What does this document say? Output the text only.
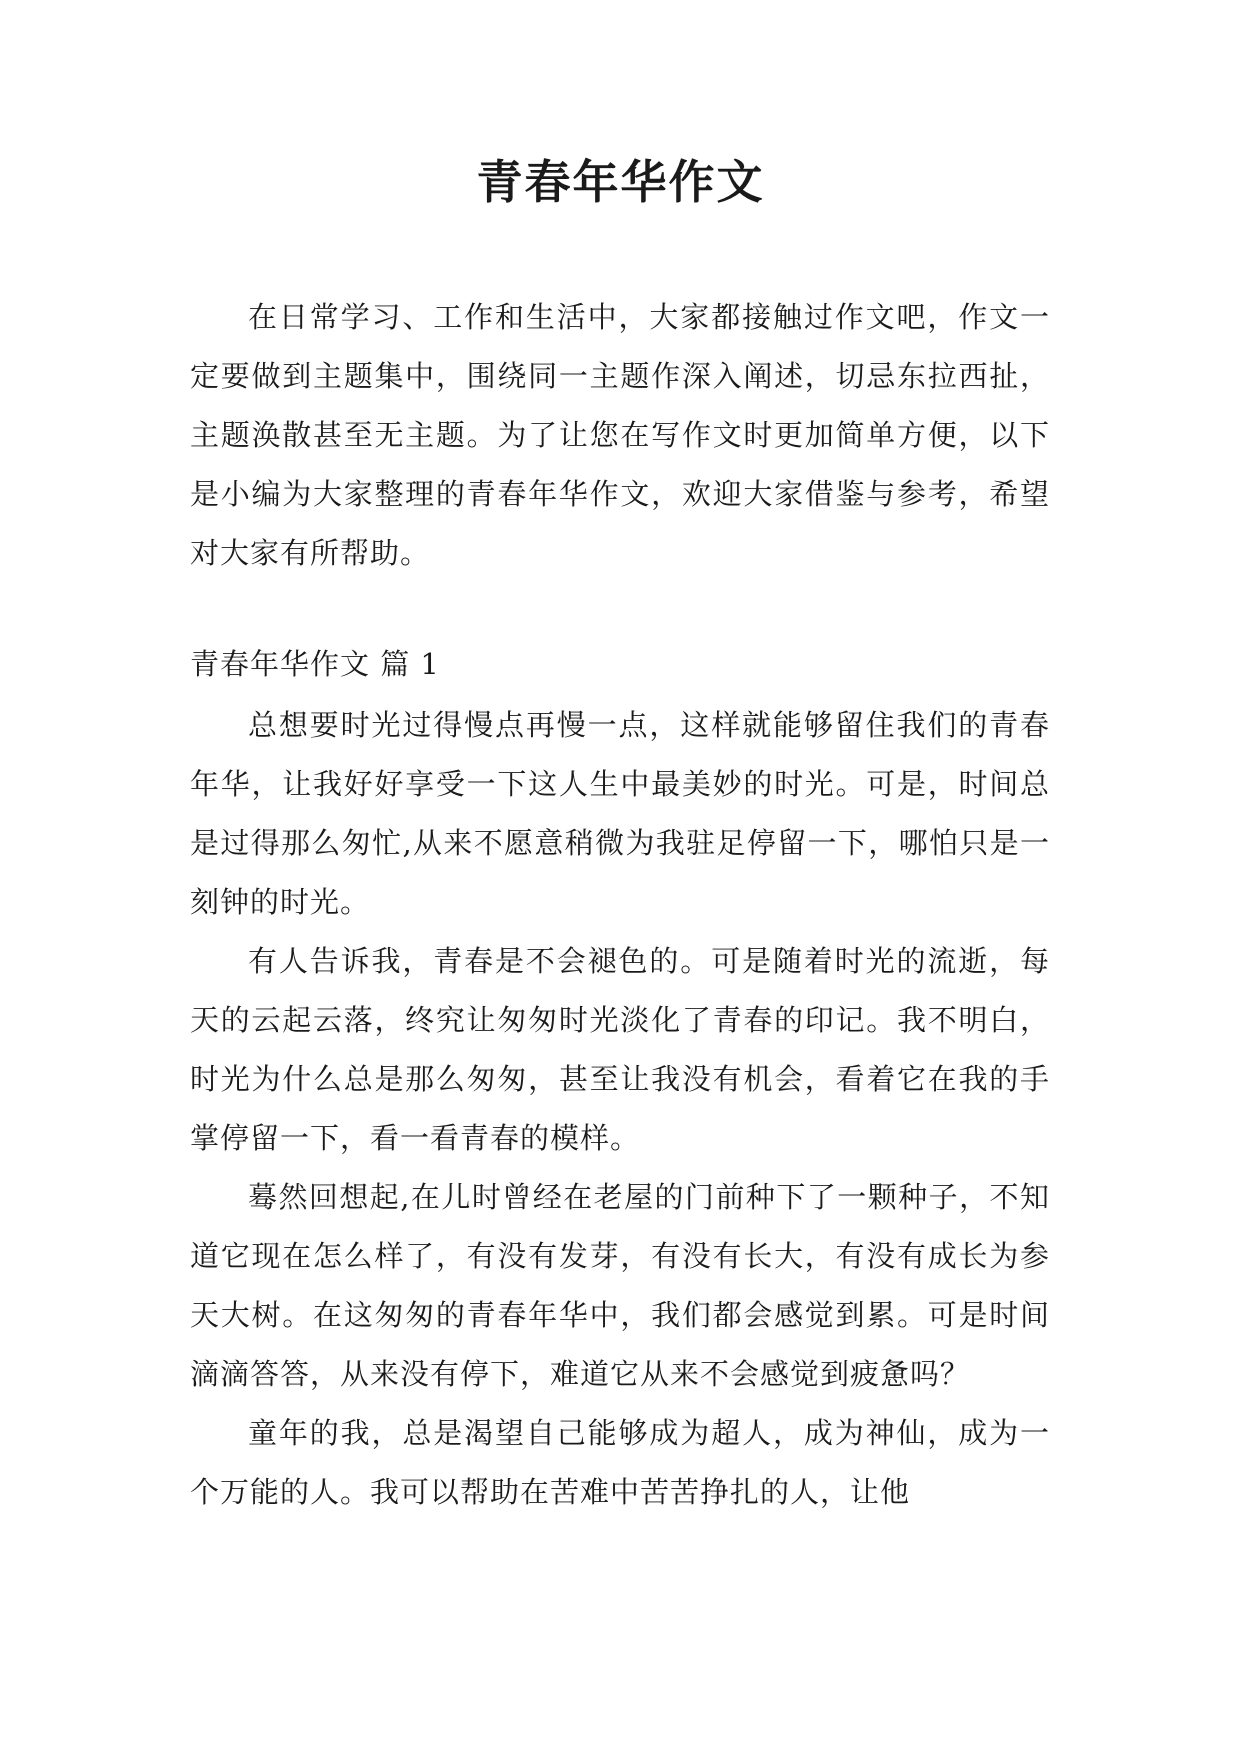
青春年华作文

在日常学习、工作和生活中，大家都接触过作文吧，作文一定要做到主题集中，围绕同一主题作深入阐述，切忌东拉西扯，主题涣散甚至无主题。为了让您在写作文时更加简单方便，以下是小编为大家整理的青春年华作文，欢迎大家借鉴与参考，希望对大家有所帮助。

青春年华作文 篇 1

总想要时光过得慢点再慢一点，这样就能够留住我们的青春年华，让我好好享受一下这人生中最美妙的时光。可是，时间总是过得那么匆忙,从来不愿意稍微为我驻足停留一下，哪怕只是一刻钟的时光。

有人告诉我，青春是不会褪色的。可是随着时光的流逝，每天的云起云落，终究让匆匆时光淡化了青春的印记。我不明白，时光为什么总是那么匆匆，甚至让我没有机会，看着它在我的手掌停留一下，看一看青春的模样。

蓦然回想起,在儿时曾经在老屋的门前种下了一颗种子，不知道它现在怎么样了，有没有发芽，有没有长大，有没有成长为参天大树。在这匆匆的青春年华中，我们都会感觉到累。可是时间滴滴答答，从来没有停下，难道它从来不会感觉到疲惫吗？

童年的我，总是渴望自己能够成为超人，成为神仙，成为一个万能的人。我可以帮助在苦难中苦苦挣扎的人，让他
